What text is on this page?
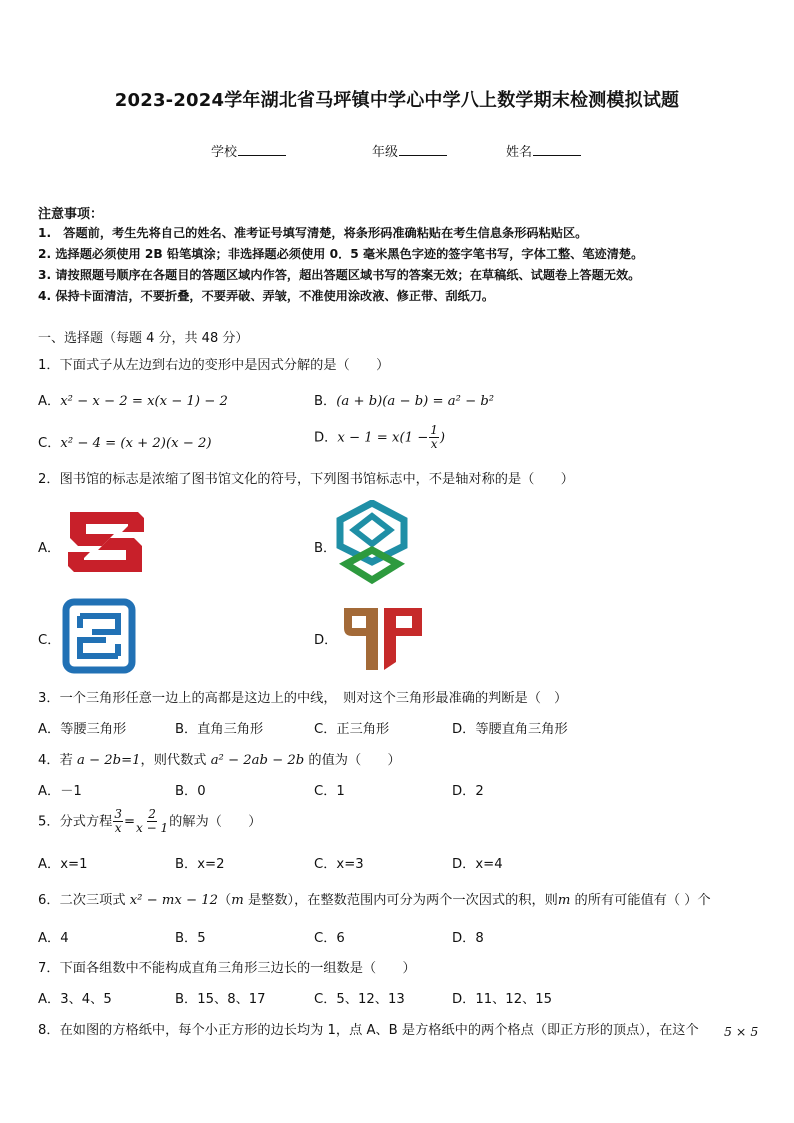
2023-2024学年湖北省马坪镇中学心中学八上数学期末检测模拟试题
学校	年级	姓名
注意事项：
1.　答题前，考生先将自己的姓名、准考证号填写清楚，将条形码准确粘贴在考生信息条形码粘贴区。
2. 选择题必须使用 2B 铅笔填涂；非选择题必须使用 0．5 毫米黑色字迹的签字笔书写，字体工整、笔迹清楚。
3. 请按照题号顺序在各题目的答题区域内作答，超出答题区域书写的答案无效；在草稿纸、试题卷上答题无效。
4. 保持卡面清洁，不要折叠，不要弄破、弄皱，不准使用涂改液、修正带、刮纸刀。
一、选择题（每题 4 分，共 48 分）
1．下面式子从左边到右边的变形中是因式分解的是（　　）
A．x² − x − 2 = x(x − 1) − 2	B．(a + b)(a − b) = a² − b²
C．x² − 4 = (x + 2)(x − 2)	D．$x - 1 = x(1 - \frac{1}{x}$ )
2．图书馆的标志是浓缩了图书馆文化的符号，下列图书馆标志中，不是轴对称的是（　　）
A．	B．
C．	D．
3．一个三角形任意一边上的高都是这边上的中线，　则对这个三角形最准确的判断是（　）
A．等腰三角形	B．直角三角形	C．正三角形	D．等腰直角三角形
4．若 a − 2b=1，则代数式 a² − 2ab − 2b 的值为（　　）
A．－1	B．0	C．1	D．2
5．分式方程 $\frac{3}{x} = \frac{2}{x - 1}$ 的解为（　　）
A．x=1	B．x=2	C．x=3	D．x=4
6．二次三项式 x² − mx − 12（m 是整数），在整数范围内可分为两个一次因式的积，则m 的所有可能值有（ ）个
A．4	B．5	C．6	D．8
7．下面各组数中不能构成直角三角形三边长的一组数是（　　）
A．3、4、5	B．15、8、17	C．5、12、13	D．11、12、15
8．在如图的方格纸中，每个小正方形的边长均为 1，点 A、B 是方格纸中的两个格点（即正方形的顶点），在这个 5 × 5
